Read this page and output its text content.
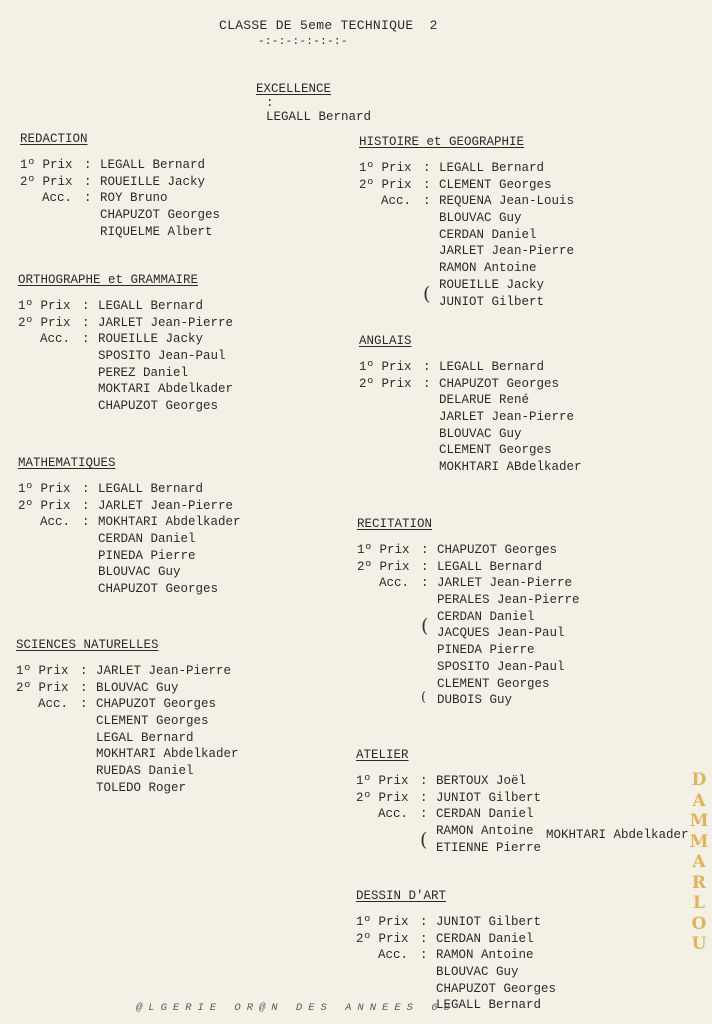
CLASSE DE 5eme TECHNIQUE  2
-:-:-:-:-:-:-

EXCELLENCE
:
LEGALL Bernard

REDACTION
1º Prix : LEGALL Bernard
2º Prix : ROUEILLE Jacky
Acc. : ROY Bruno
CHAPUZOT Georges
RIQUELME Albert
ORTHOGRAPHE et GRAMMAIRE
1º Prix : LEGALL Bernard
2º Prix : JARLET Jean-Pierre
Acc. : ROUEILLE Jacky
SPOSITO Jean-Paul
PEREZ Daniel
MOKTARI Abdelkader
CHAPUZOT Georges
MATHEMATIQUES
1º Prix : LEGALL Bernard
2º Prix : JARLET Jean-Pierre
Acc. : MOKHTARI Abdelkader
CERDAN Daniel
PINEDA Pierre
BLOUVAC Guy
CHAPUZOT Georges
SCIENCES NATURELLES
1º Prix : JARLET Jean-Pierre
2º Prix : BLOUVAC Guy
Acc. : CHAPUZOT Georges
CLEMENT Georges
LEGAL Bernard
MOKHTARI Abdelkader
RUEDAS Daniel
TOLEDO Roger
HISTOIRE et GEOGRAPHIE
1º Prix : LEGALL Bernard
2º Prix : CLEMENT Georges
Acc. : REQUENA Jean-Louis
BLOUVAC Guy
CERDAN Daniel
JARLET Jean-Pierre
RAMON Antoine
ROUEILLE Jacky
JUNIOT Gilbert
(
ANGLAIS
1º Prix : LEGALL Bernard
2º Prix : CHAPUZOT Georges
DELARUE René
JARLET Jean-Pierre
BLOUVAC Guy
CLEMENT Georges
MOKHTARI ABdelkader
RECITATION
1º Prix : CHAPUZOT Georges
2º Prix : LEGALL Bernard
Acc. : JARLET Jean-Pierre
PERALES Jean-Pierre
CERDAN Daniel
JACQUES Jean-Paul
PINEDA Pierre
SPOSITO Jean-Paul
CLEMENT Georges
DUBOIS Guy
(
(
ATELIER
1º Prix : BERTOUX Joël
2º Prix : JUNIOT Gilbert
Acc. : CERDAN Daniel
RAMON Antoine
ETIENNE Pierre
(
DESSIN D'ART
1º Prix : JUNIOT Gilbert
2º Prix : CERDAN Daniel
Acc. : RAMON Antoine
BLOUVAC Guy
CHAPUZOT Georges
LEGALL Bernard
MOKHTARI Abdelkader
@LGERIE OR@N DES ANNEES 60
D
A
M
M
A
R
L
O
U
